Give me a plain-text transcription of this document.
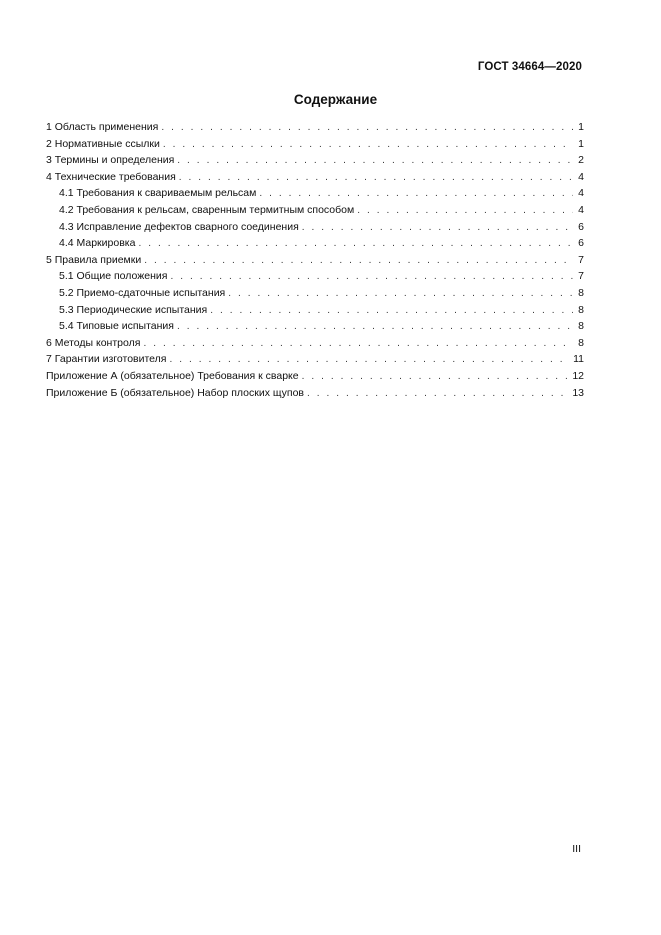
ГОСТ 34664—2020
Содержание
1 Область применения . . .	1
2 Нормативные ссылки . . .	1
3 Термины и определения . . .	2
4 Технические требования . . .	4
4.1 Требования к свариваемым рельсам . . .	4
4.2 Требования к рельсам, сваренным термитным способом . . .	4
4.3 Исправление дефектов сварного соединения . . .	6
4.4 Маркировка . . .	6
5 Правила приемки . . .	7
5.1 Общие положения . . .	7
5.2 Приемо-сдаточные испытания . . .	8
5.3 Периодические испытания . . .	8
5.4 Типовые испытания . . .	8
6 Методы контроля . . .	8
7 Гарантии изготовителя . . .	11
Приложение А (обязательное) Требования к сварке . . .	12
Приложение Б (обязательное) Набор плоских щупов . . .	13
III
